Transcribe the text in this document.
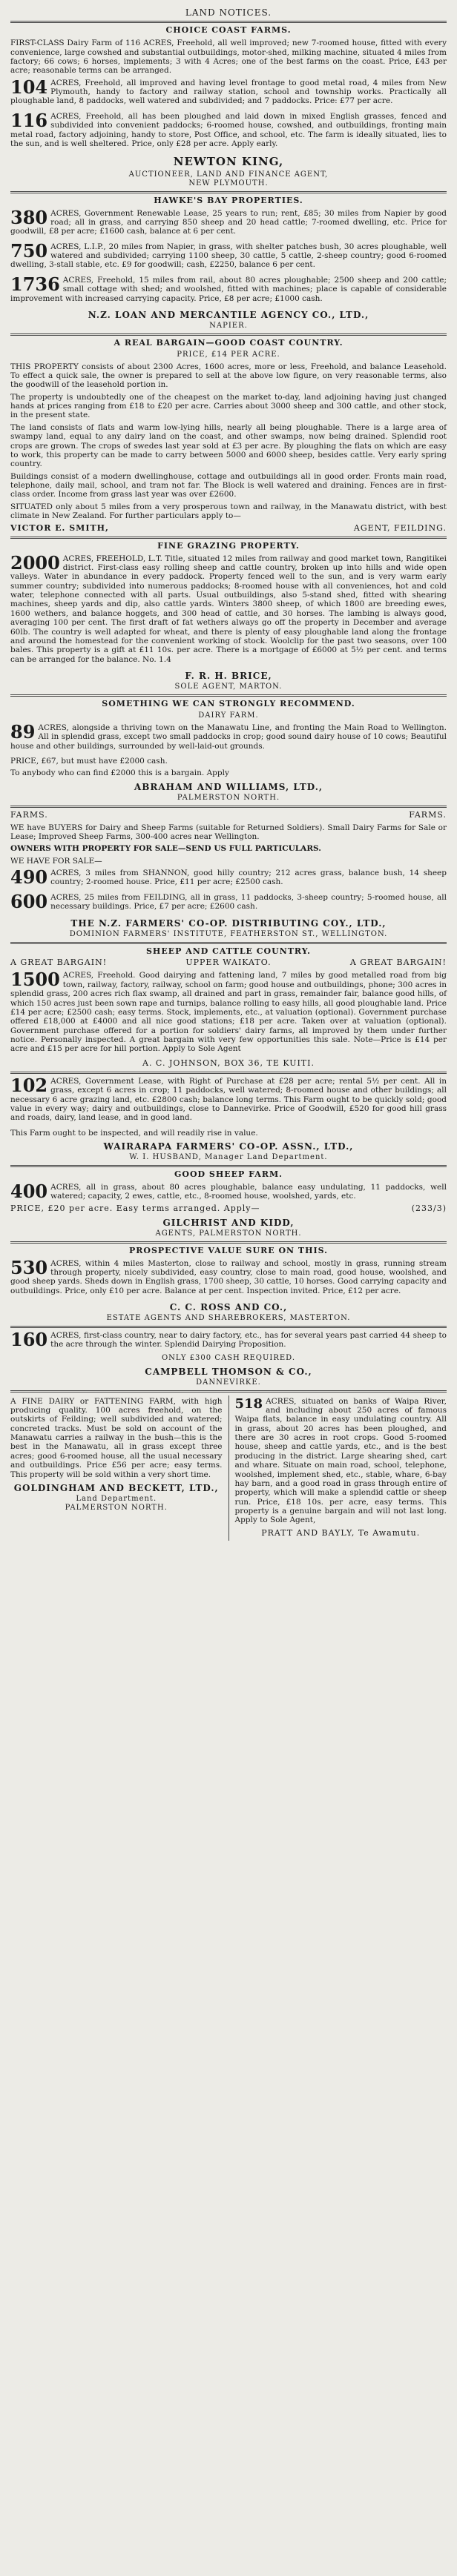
LAND NOTICES.
CHOICE COAST FARMS.

FIRST-CLASS Dairy Farm of 116 ACRES, Freehold, all well improved; new 7-roomed house, fitted with every convenience, large cowshed and substantial outbuildings, motor-shed, milking machine, situated 4 miles from factory; 66 cows; 6 horses, implements; 3 with 4 Acres; one of the best farms on the coast. Price, £43 per acre; reasonable terms can be arranged.

104 ACRES, Freehold, all improved and having level frontage to good metal road, 4 miles from New Plymouth, handy to factory and railway station, school and township works. Practically all ploughable land, 8 paddocks, well watered and subdivided; and 7 paddocks. Price: £77 per acre.

116 ACRES, Freehold, all has been ploughed and laid down in mixed English grasses, fenced and subdivided into convenient paddocks; 6-roomed house, cowshed, and outbuildings, fronting main metal road, factory adjoining, handy to store, Post Office, and school, etc. The farm is ideally situated, lies to the sun, and is well sheltered. Price, only £28 per acre. Apply early.

NEWTON KING,
AUCTIONEER, LAND AND FINANCE AGENT,
NEW PLYMOUTH.
HAWKE'S BAY PROPERTIES.

380 ACRES, Government Renewable Lease, 25 years to run; rent, £85; 30 miles from Napier by good road; all in grass, and carrying 850 sheep and 20 head cattle; 7-roomed dwelling, etc. Price for goodwill, £8 per acre; £1600 cash, balance at 6 per cent.

750 ACRES, L.I.P., 20 miles from Napier, in grass, with shelter patches bush, 30 acres ploughable, well watered and subdivided; carrying 1100 sheep, 30 cattle, 5 cattle, 2-sheep country; good 6-roomed dwelling, 3-stall stable, etc. £9 for goodwill; cash, £2250, balance 6 per cent.

1736 ACRES, Freehold, 15 miles from rail, about 80 acres ploughable; 2500 sheep and 200 cattle; small cottage with shed; and woolshed, fitted with machines; place is capable of considerable improvement with increased carrying capacity. Price, £8 per acre; £1000 cash.

N.Z. LOAN AND MERCANTILE AGENCY CO., LTD.,
NAPIER.
A REAL BARGAIN—GOOD COAST COUNTRY.
PRICE, £14 PER ACRE.

THIS PROPERTY consists of about 2300 Acres, 1600 acres, more or less, Freehold, and balance Leasehold. To effect a quick sale, the owner is prepared to sell at the above low figure, on very reasonable terms, also the goodwill of the leasehold portion in.

The property is undoubtedly one of the cheapest on the market to-day, land adjoining having just changed hands at prices ranging from £18 to £20 per acre. Carries about 3000 sheep and 300 cattle, and other stock, in the present state.

The land consists of flats and warm low-lying hills, nearly all being ploughable. There is a large area of swampy land, equal to any dairy land on the coast, and other swamps, now being drained. Splendid root crops are grown. The crops of swedes last year sold at £3 per acre. By ploughing the flats on which are easy to work, this property can be made to carry between 5000 and 6000 sheep, besides cattle. Very early spring country.

Buildings consist of a modern dwellinghouse, cottage and outbuildings all in good order. Fronts main road, telephone, daily mail, school, and tram not far. The Block is well watered and draining. Fences are in first-class order. Income from grass last year was over £2600.

SITUATED only about 5 miles from a very prosperous town and railway, in the Manawatu district, with best climate in New Zealand. For further particulars apply to—

VICTOR E. SMITH,	AGENT, FEILDING.
FINE GRAZING PROPERTY.

2000 ACRES, FREEHOLD, L.T. Title, situated 12 miles from railway and good market town, Rangitikei district. First-class easy rolling sheep and cattle country, broken up into hills and wide open valleys. Water in abundance in every paddock. Property fenced well to the sun, and is very warm early summer country; subdivided into numerous paddocks; 8-roomed house with all conveniences, hot and cold water, telephone connected with all parts. Usual outbuildings, also 5-stand shed, fitted with shearing machines, sheep yards and dip, also cattle yards. Winters 3800 sheep, of which 1800 are breeding ewes, 1600 wethers, and balance hoggets, and 300 head of cattle, and 30 horses. The lambing is always good, averaging 100 per cent. The first draft of fat wethers always go off the property in December and average 60lb. The country is well adapted for wheat, and there is plenty of easy ploughable land along the frontage and around the homestead for the convenient working of stock. Woolclip for the past two seasons, over 100 bales. This property is a gift at £11 10s. per acre. There is a mortgage of £6000 at 5½ per cent. and terms can be arranged for the balance. No. 1.4

F. R. H. BRICE,
SOLE AGENT, MARTON.
SOMETHING WE CAN STRONGLY RECOMMEND.
DAIRY FARM.

89 ACRES, alongside a thriving town on the Manawatu Line, and fronting the Main Road to Wellington. All in splendid grass, except two small paddocks in crop; good sound dairy house of 10 cows; Beautiful house and other buildings, surrounded by well-laid-out grounds.

PRICE, £67, but must have £2000 cash.

To anybody who can find £2000 this is a bargain. Apply

ABRAHAM AND WILLIAMS, LTD.,
PALMERSTON NORTH.
FARMS.	FARMS.

WE have BUYERS for Dairy and Sheep Farms (suitable for Returned Soldiers). Small Dairy Farms for Sale or Lease; Improved Sheep Farms, 300-400 acres near Wellington.

OWNERS WITH PROPERTY FOR SALE—SEND US FULL PARTICULARS.

WE HAVE FOR SALE—

490 ACRES, 3 miles from SHANNON, good hilly country; 212 acres grass, balance bush, 14 sheep country; 2-roomed house. Price, £11 per acre; £2500 cash.

600 ACRES, 25 miles from FEILDING, all in grass, 11 paddocks, 3-sheep country; 5-roomed house, all necessary buildings. Price, £7 per acre; £2600 cash.

THE N.Z. FARMERS' CO-OP. DISTRIBUTING COY., LTD.,
DOMINION FARMERS' INSTITUTE, FEATHERSTON ST., WELLINGTON.
SHEEP AND CATTLE COUNTRY.
A GREAT BARGAIN!	UPPER WAIKATO.	A GREAT BARGAIN!

1500 ACRES, Freehold. Good dairying and fattening land, 7 miles by good metalled road from big town, railway, factory, railway, school on farm; good house and outbuildings, phone; 300 acres in splendid grass, 200 acres rich flax swamp, all drained and part in grass, remainder fair, balance good hills, of which 150 acres just been sown rape and turnips, balance rolling to easy hills, all good ploughable land. Price £14 per acre; £2500 cash; easy terms. Stock, implements, etc., at valuation (optional). Government purchase offered £18,000 at £4000 and all nice good stations; £18 per acre. Taken over at valuation (optional). Government purchase offered for a portion for soldiers' dairy farms, all improved by them under further notice. Personally inspected. A great bargain with very few opportunities this sale. Note—Price is £14 per acre and £15 per acre for hill portion. Apply to Sole Agent

A. C. JOHNSON, BOX 36, TE KUITI.

102 ACRES, Government Lease, with Right of Purchase at £28 per acre; rental 5½ per cent. All in grass, except 6 acres in crop; 11 paddocks, well watered; 8-roomed house and other buildings; all necessary 6 acre grazing land, etc. £2800 cash; balance long terms. This Farm ought to be quickly sold; good value in every way; dairy and outbuildings, close to Dannevirke. Price of Goodwill, £520 for good hill grass and roads, dairy, land lease, and in good land.

This Farm ought to be inspected, and will readily rise in value.

WAIRARAPA FARMERS' CO-OP. ASSN., LTD.,
W. I. HUSBAND, Manager Land Department.
GOOD SHEEP FARM.

400 ACRES, all in grass, about 80 acres ploughable, balance easy undulating, 11 paddocks, well watered; capacity, 2 ewes, cattle, etc., 8-roomed house, woolshed, yards, etc.

PRICE, £20 per acre. Easy terms arranged. Apply—	(233/3)
GILCHRIST AND KIDD,
AGENTS, PALMERSTON NORTH.
PROSPECTIVE VALUE SURE ON THIS.

530 ACRES, within 4 miles Masterton, close to railway and school, mostly in grass, running stream through property, nicely subdivided, easy country, close to main road, good house, woolshed, and good sheep yards. Sheds down in English grass, 1700 sheep, 30 cattle, 10 horses. Good carrying capacity and outbuildings. Price, only £10 per acre. Balance at per cent. Inspection invited. Price, £12 per acre.

C. C. ROSS AND CO.,
ESTATE AGENTS AND SHAREBROKERS, MASTERTON.

160 ACRES, first-class country, near to dairy factory, etc., has for several years past carried 44 sheep to the acre through the winter. Splendid Dairying Proposition.

ONLY £300 CASH REQUIRED.
CAMPBELL THOMSON & CO.,
DANNEVIRKE.

A FINE DAIRY or FATTENING FARM, with high producing quality. 100 acres freehold, on the outskirts of Feilding; well subdivided and watered; concreted tracks. Must be sold on account of the Manawatu carries a railway in the bush—this is the best in the Manawatu, all in grass except three acres; good 6-roomed house, all the usual necessary and outbuildings. Price £56 per acre; easy terms. This property will be sold within a very short time.

GOLDINGHAM AND BECKETT, LTD.,
Land Department.
PALMERSTON NORTH.

518 ACRES, situated on banks of Waipa River, and including about 250 acres of famous Waipa flats, balance in easy undulating country. All in grass, about 20 acres has been ploughed, and there are 30 acres in root crops. Good 5-roomed house, sheep and cattle yards, etc., and is the best producing in the district. Large shearing shed, cart and whare. Situate on main road, school, telephone, woolshed, implement shed, etc., stable, whare, 6-bay hay barn, and a good road in grass through entire of property, which will make a splendid cattle or sheep run. Price, £18 10s. per acre, easy terms. This property is a genuine bargain and will not last long. Apply to Sole Agent,

PRATT AND BAYLY, Te Awamutu.
